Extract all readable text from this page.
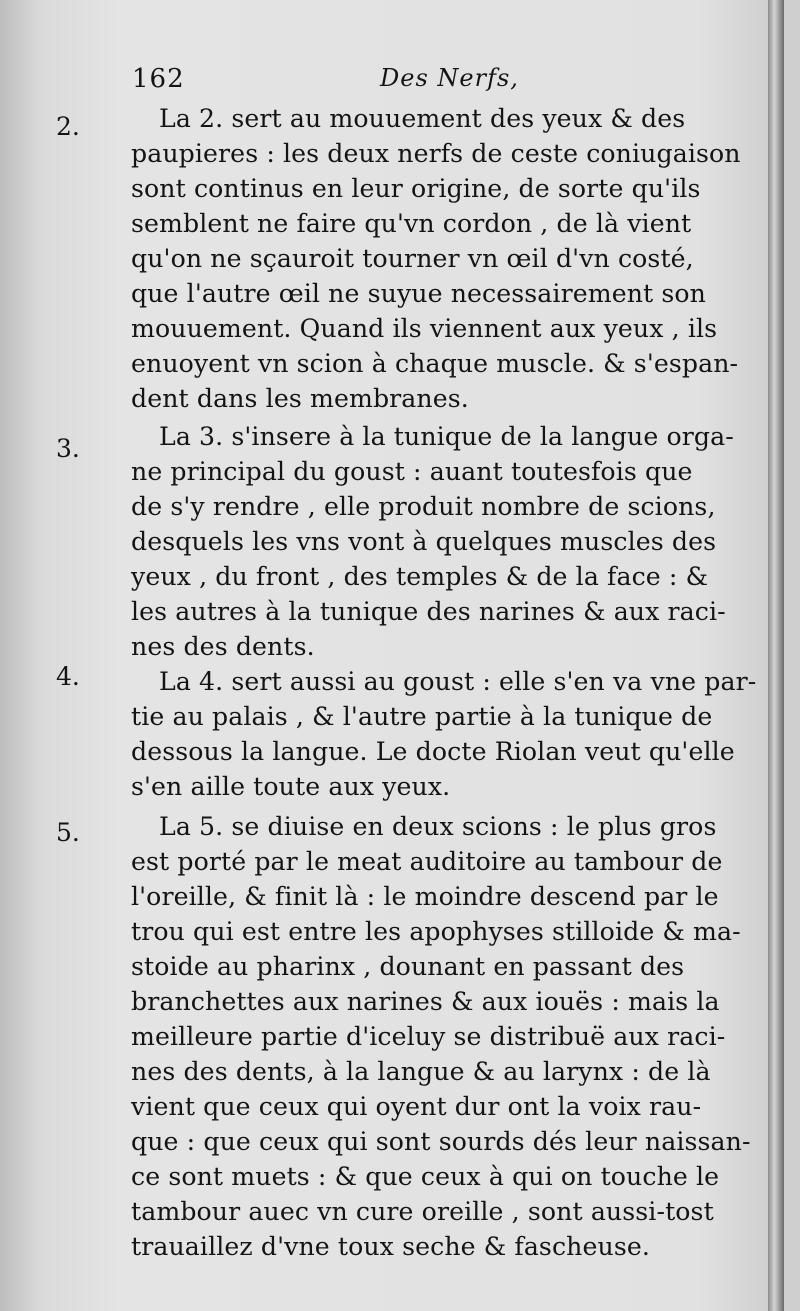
162	Des Nerfs,
2.	La 2. sert au mouuement des yeux & des
paupieres : les deux nerfs de ceste coniugaison
sont continus en leur origine, de sorte qu'ils
semblent ne faire qu'vn cordon , de là vient
qu'on ne sçauroit tourner vn œil d'vn costé,
que l'autre œil ne suyue necessairement son
mouuement. Quand ils viennent aux yeux , ils
enuoyent vn scion à chaque muscle. & s'espan-
dent dans les membranes.
3.	La 3. s'insere à la tunique de la langue orga-
ne principal du goust : auant toutesfois que
de s'y rendre , elle produit nombre de scions,
desquels les vns vont à quelques muscles des
yeux , du front , des temples & de la face : &
les autres à la tunique des narines & aux raci-
nes des dents.
4.	La 4. sert aussi au goust : elle s'en va vne par-
tie au palais , & l'autre partie à la tunique de
dessous la langue. Le docte Riolan veut qu'elle
s'en aille toute aux yeux.
5.	La 5. se diuise en deux scions : le plus gros
est porté par le meat auditoire au tambour de
l'oreille, & finit là : le moindre descend par le
trou qui est entre les apophyses stilloide & ma-
stoide au pharinx , dounant en passant des
branchettes aux narines & aux iouës : mais la
meilleure partie d'iceluy se distribuë aux raci-
nes des dents, à la langue & au larynx : de là
vient que ceux qui oyent dur ont la voix rau-
que : que ceux qui sont sourds dés leur naissan-
ce sont muets : & que ceux à qui on touche le
tambour auec vn cure oreille , sont aussi-tost
trauaillez d'vne toux seche & fascheuse.
